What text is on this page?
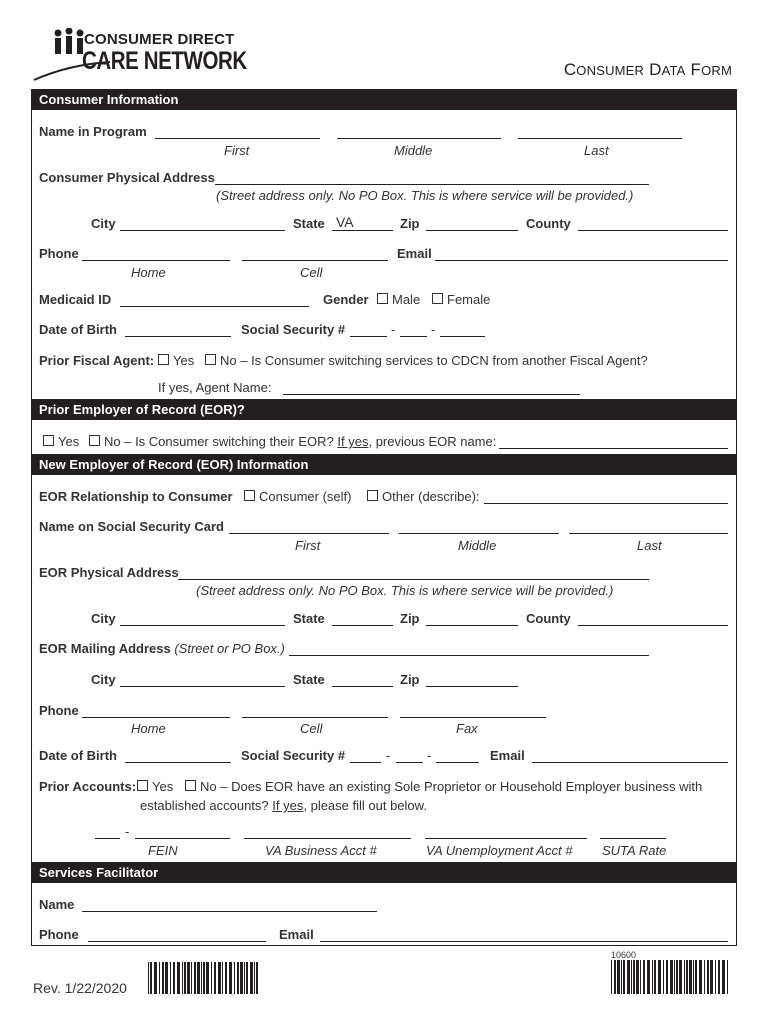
CONSUMER DIRECT
CARE NETWORK	CONSUMER DATA FORM
Consumer Information
Name in Program
First	Middle	Last
Consumer Physical Address
(Street address only. No PO Box. This is where service will be provided.)
City	State VA	Zip	County
Phone	Email
Home	Cell
Medicaid ID	Gender	Male	Female
Date of Birth	Social Security #	-	-
Prior Fiscal Agent:	Yes	No – Is Consumer switching services to CDCN from another Fiscal Agent?
If yes, Agent Name:
Prior Employer of Record (EOR)?
Yes	No – Is Consumer switching their EOR? If yes, previous EOR name:
New Employer of Record (EOR) Information
EOR Relationship to Consumer	Consumer (self)	Other (describe):
Name on Social Security Card
First	Middle	Last
EOR Physical Address
(Street address only. No PO Box. This is where service will be provided.)
City	State	Zip	County
EOR Mailing Address (Street or PO Box.)
City	State	Zip
Phone
Home	Cell	Fax
Date of Birth	Social Security #	-	-	Email
Prior Accounts:	Yes	No – Does EOR have an existing Sole Proprietor or Household Employer business with
established accounts? If yes, please fill out below.
-
FEIN	VA Business Acct #	VA Unemployment Acct # SUTA Rate
Services Facilitator
Name
Phone	Email
Rev. 1/22/2020
10600
